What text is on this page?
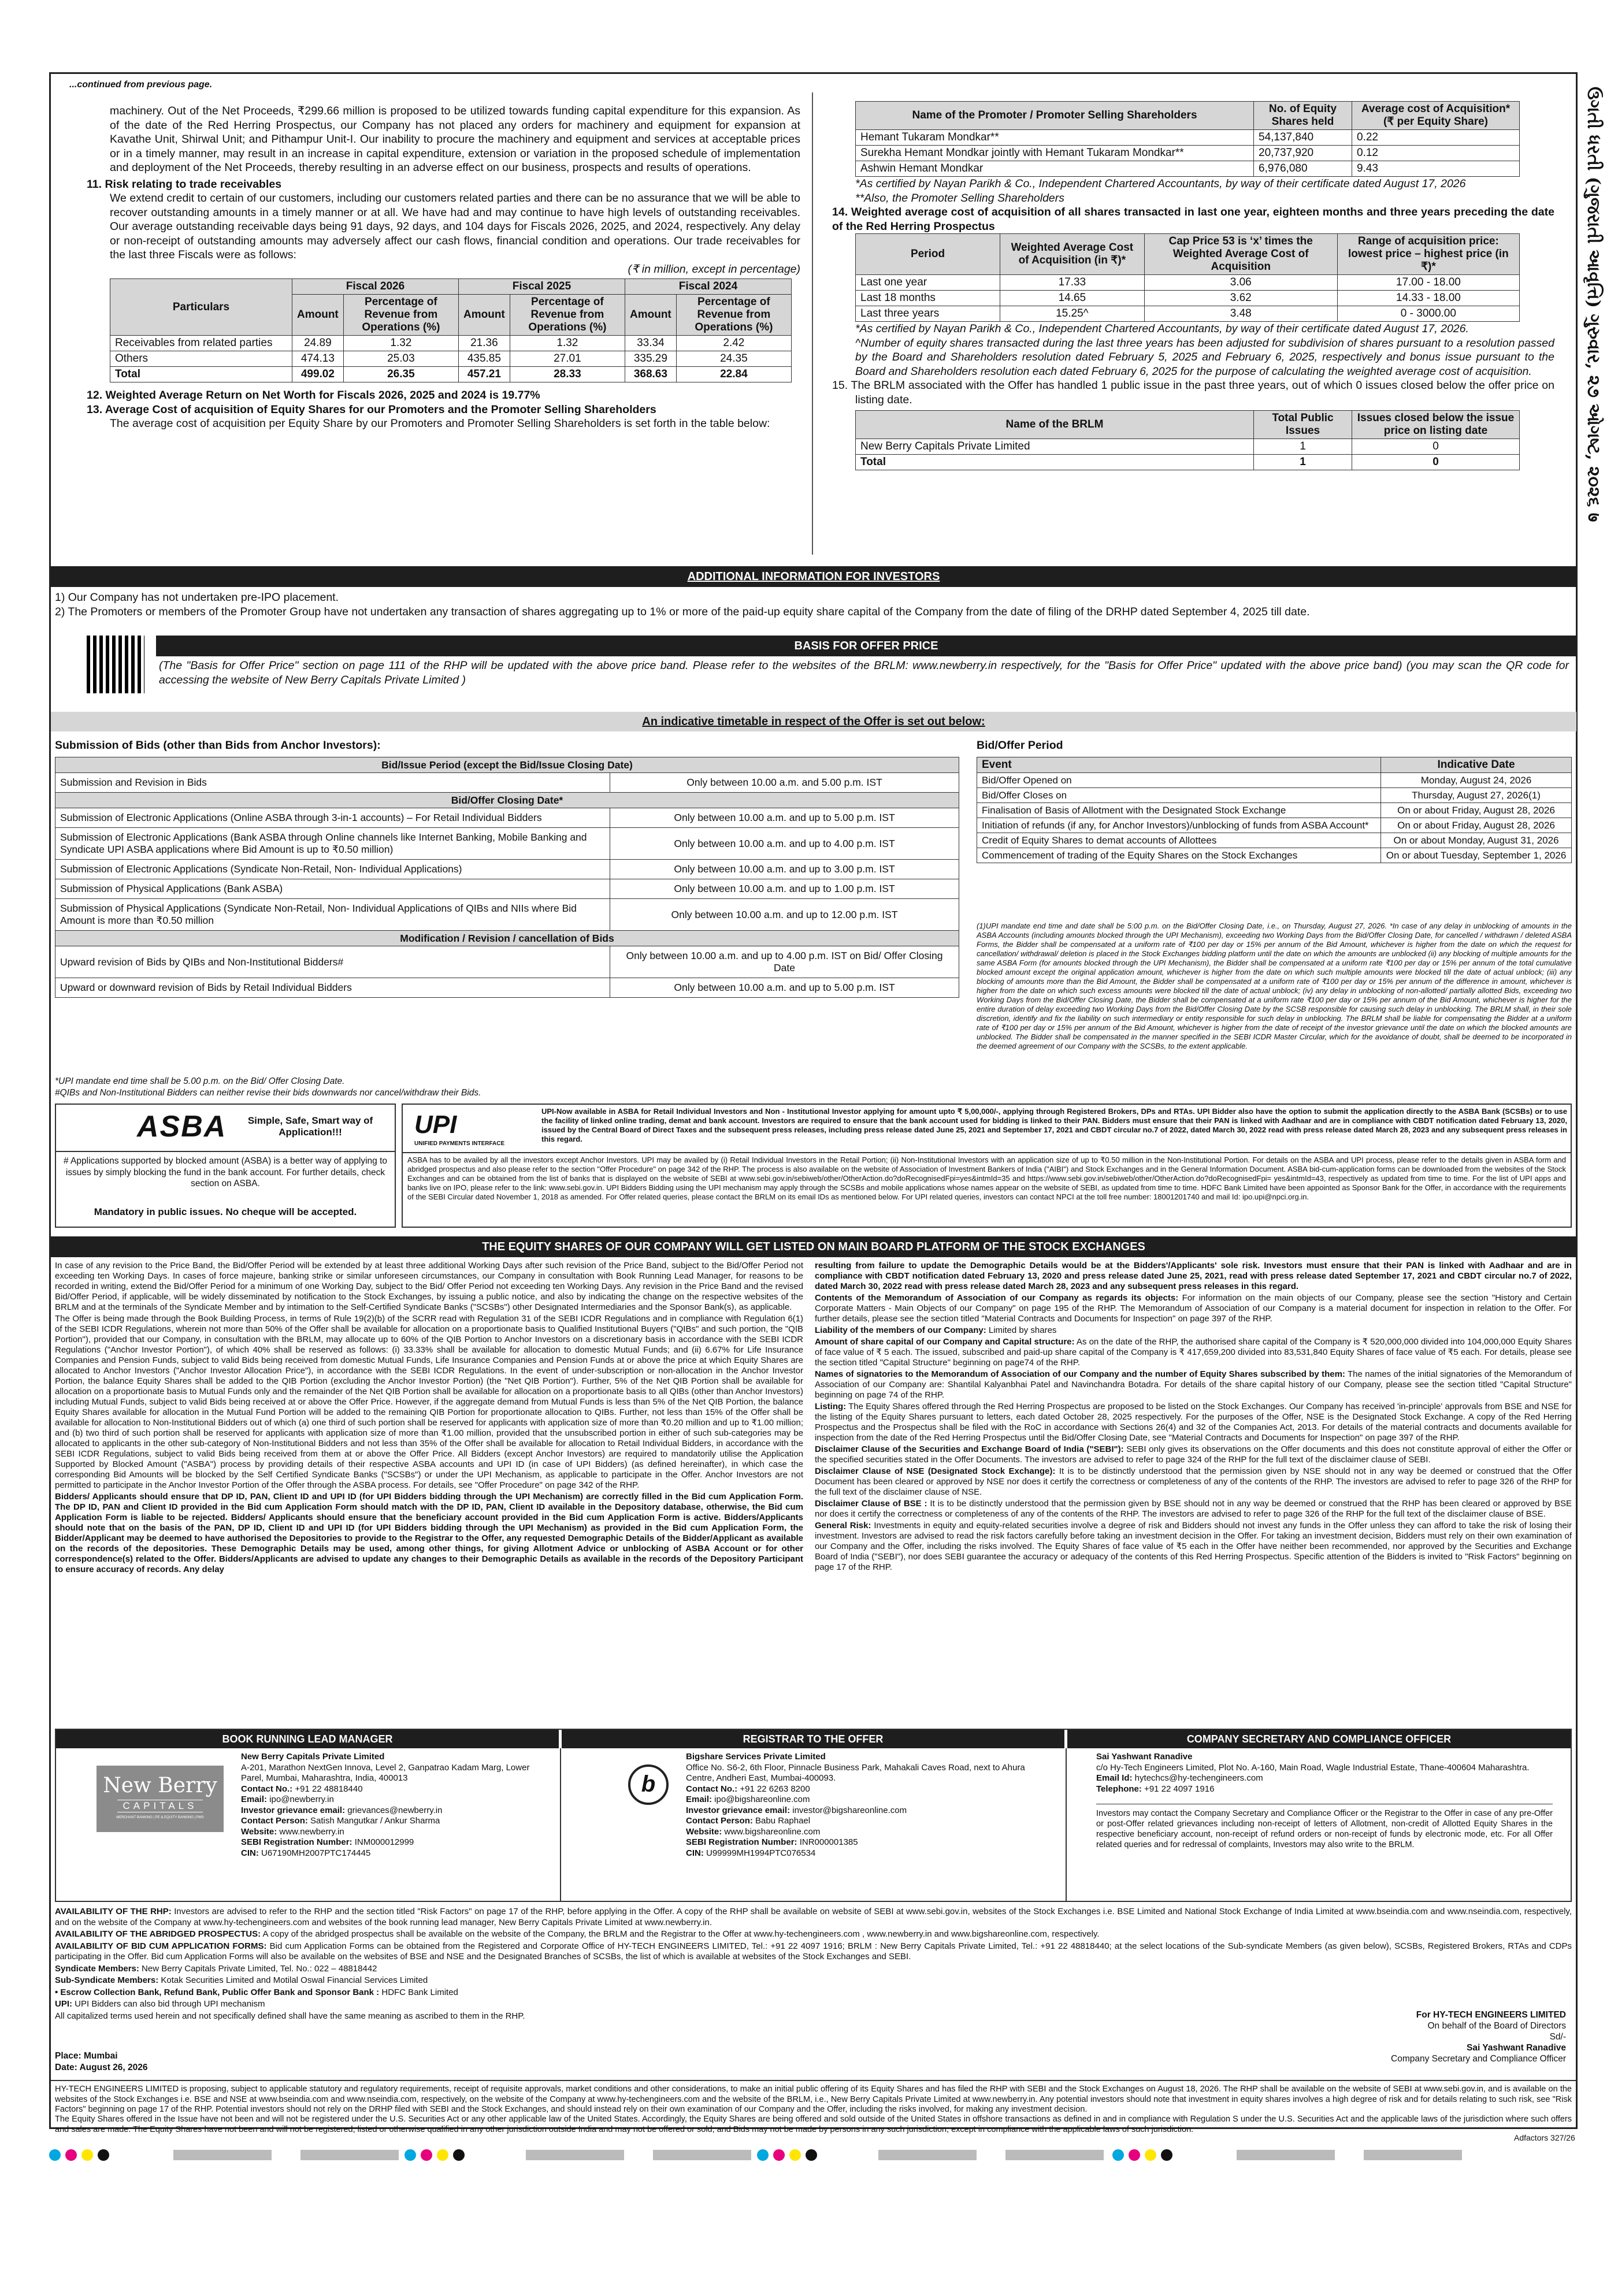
...continued from previous page.
ઉગતી ધરતી (ગુજરાતી આવૃત્તિ) ગુરુવાર, ૨૭ ઓગષ્ટ, ૨૦૨૬ ७

machinery. Out of the Net Proceeds, ₹299.66 million is proposed to be utilized towards funding capital expenditure for this expansion. As of the date of the Red Herring Prospectus, our Company has not placed any orders for machinery and equipment for expansion at Kavathe Unit, Shirwal Unit; and Pithampur Unit-I. Our inability to procure the machinery and equipment and services at acceptable prices or in a timely manner, may result in an increase in capital expenditure, extension or variation in the proposed schedule of implementation and deployment of the Net Proceeds, thereby resulting in an adverse effect on our business, prospects and results of operations.

11. Risk relating to trade receivables

We extend credit to certain of our customers, including our customers related parties and there can be no assurance that we will be able to recover outstanding amounts in a timely manner or at all. We have had and may continue to have high levels of outstanding receivables. Our average outstanding receivable days being 91 days, 92 days, and 104 days for Fiscals 2026, 2025, and 2024, respectively. Any delay or non-receipt of outstanding amounts may adversely affect our cash flows, financial condition and operations. Our trade receivables for the last three Fiscals were as follows:

(₹ in million, except in percentage)

Particulars	Fiscal 2026		Fiscal 2025		Fiscal 2024	
	Amount	Percentage of Revenue from Operations (%)	Amount	Percentage of Revenue from Operations (%)	Amount	Percentage of Revenue from Operations (%)
Receivables from related parties	24.89	1.32	21.36	1.32	33.34	2.42
Others	474.13	25.03	435.85	27.01	335.29	24.35
Total	499.02	26.35	457.21	28.33	368.63	22.84

12. Weighted Average Return on Net Worth for Fiscals 2026, 2025 and 2024 is 19.77%

13. Average Cost of acquisition of Equity Shares for our Promoters and the Promoter Selling Shareholders

The average cost of acquisition per Equity Share by our Promoters and Promoter Selling Shareholders is set forth in the table below:

Name of the Promoter / Promoter Selling Shareholders	No. of Equity Shares held	Average cost of Acquisition* (₹ per Equity Share)
Hemant Tukaram Mondkar**	54,137,840	0.22
Surekha Hemant Mondkar jointly with Hemant Tukaram Mondkar**	20,737,920	0.12
Ashwin Hemant Mondkar	6,976,080	9.43

*As certified by Nayan Parikh & Co., Independent Chartered Accountants, by way of their certificate dated August 17, 2026

**Also, the Promoter Selling Shareholders

14. Weighted average cost of acquisition of all shares transacted in last one year, eighteen months and three years preceding the date of the Red Herring Prospectus

Period	Weighted Average Cost of Acquisition (in ₹)*	Cap Price 53 is ‘x’ times the Weighted Average Cost of Acquisition	Range of acquisition price: lowest price – highest price (in ₹)*
Last one year	17.33	3.06	17.00 - 18.00
Last 18 months	14.65	3.62	14.33 - 18.00
Last three years	15.25^	3.48	0 - 3000.00

*As certified by Nayan Parikh & Co., Independent Chartered Accountants, by way of their certificate dated August 17, 2026.

^Number of equity shares transacted during the last three years has been adjusted for subdivision of shares pursuant to a resolution passed by the Board and Shareholders resolution dated February 5, 2025 and February 6, 2025, respectively and bonus issue pursuant to the Board and Shareholders resolution each dated February 6, 2025 for the purpose of calculating the weighted average cost of acquisition.

15. The BRLM associated with the Offer has handled 1 public issue in the past three years, out of which 0 issues closed below the offer price on listing date.

Name of the BRLM	Total Public Issues	Issues closed below the issue price on listing date
New Berry Capitals Private Limited	1	0
Total	1	0
ADDITIONAL INFORMATION FOR INVESTORS

1) Our Company has not undertaken pre-IPO placement.

2) The Promoters or members of the Promoter Group have not undertaken any transaction of shares aggregating up to 1% or more of the paid-up equity share capital of the Company from the date of filing of the DRHP dated September 4, 2025 till date.

BASIS FOR OFFER PRICE
(The "Basis for Offer Price" section on page 111 of the RHP will be updated with the above price band. Please refer to the websites of the BRLM: www.newberry.in respectively, for the "Basis for Offer Price" updated with the above price band) (you may scan the QR code for accessing the website of New Berry Capitals Private Limited )
An indicative timetable in respect of the Offer is set out below:
Submission of Bids (other than Bids from Anchor Investors):	Bid/Offer Period
Bid/Issue Period (except the Bid/Issue Closing Date)	
Submission and Revision in Bids	Only between 10.00 a.m. and 5.00 p.m. IST
Bid/Offer Closing Date*	
Submission of Electronic Applications (Online ASBA through 3-in-1 accounts) – For Retail Individual Bidders	Only between 10.00 a.m. and up to 5.00 p.m. IST
Submission of Electronic Applications (Bank ASBA through Online channels like Internet Banking, Mobile Banking and Syndicate UPI ASBA applications where Bid Amount is up to ₹0.50 million)	Only between 10.00 a.m. and up to 4.00 p.m. IST
Submission of Electronic Applications (Syndicate Non-Retail, Non- Individual Applications)	Only between 10.00 a.m. and up to 3.00 p.m. IST
Submission of Physical Applications (Bank ASBA)	Only between 10.00 a.m. and up to 1.00 p.m. IST
Submission of Physical Applications (Syndicate Non-Retail, Non- Individual Applications of QIBs and NIIs where Bid Amount is more than ₹0.50 million	Only between 10.00 a.m. and up to 12.00 p.m. IST
Modification / Revision / cancellation of Bids	
Upward revision of Bids by QIBs and Non-Institutional Bidders#	Only between 10.00 a.m. and up to 4.00 p.m. IST on Bid/ Offer Closing Date
Upward or downward revision of Bids by Retail Individual Bidders	Only between 10.00 a.m. and up to 5.00 p.m. IST

*UPI mandate end time shall be 5.00 p.m. on the Bid/ Offer Closing Date.

#QIBs and Non-Institutional Bidders can neither revise their bids downwards nor cancel/withdraw their Bids.

Event	Indicative Date
Bid/Offer Opened on	Monday, August 24, 2026
Bid/Offer Closes on	Thursday, August 27, 2026(1)
Finalisation of Basis of Allotment with the Designated Stock Exchange	On or about Friday, August 28, 2026
Initiation of refunds (if any, for Anchor Investors)/unblocking of funds from ASBA Account*	On or about Friday, August 28, 2026
Credit of Equity Shares to demat accounts of Allottees	On or about Monday, August 31, 2026
Commencement of trading of the Equity Shares on the Stock Exchanges	On or about Tuesday, September 1, 2026

(1)UPI mandate end time and date shall be 5:00 p.m. on the Bid/Offer Closing Date, i.e., on Thursday, August 27, 2026. *In case of any delay in unblocking of amounts in the ASBA Accounts (including amounts blocked through the UPI Mechanism), exceeding two Working Days from the Bid/Offer Closing Date, for cancelled / withdrawn / deleted ASBA Forms, the Bidder shall be compensated at a uniform rate of ₹100 per day or 15% per annum of the Bid Amount, whichever is higher from the date on which the request for cancellation/ withdrawal/ deletion is placed in the Stock Exchanges bidding platform until the date on which the amounts are unblocked (ii) any blocking of multiple amounts for the same ASBA Form (for amounts blocked through the UPI Mechanism), the Bidder shall be compensated at a uniform rate ₹100 per day or 15% per annum of the total cumulative blocked amount except the original application amount, whichever is higher from the date on which such multiple amounts were blocked till the date of actual unblock; (iii) any blocking of amounts more than the Bid Amount, the Bidder shall be compensated at a uniform rate of ₹100 per day or 15% per annum of the difference in amount, whichever is higher from the date on which such excess amounts were blocked till the date of actual unblock; (iv) any delay in unblocking of non-allotted/ partially allotted Bids, exceeding two Working Days from the Bid/Offer Closing Date, the Bidder shall be compensated at a uniform rate ₹100 per day or 15% per annum of the Bid Amount, whichever is higher for the entire duration of delay exceeding two Working Days from the Bid/Offer Closing Date by the SCSB responsible for causing such delay in unblocking. The BRLM shall, in their sole discretion, identify and fix the liability on such intermediary or entity responsible for such delay in unblocking. The BRLM shall be liable for compensating the Bidder at a uniform rate of ₹100 per day or 15% per annum of the Bid Amount, whichever is higher from the date of receipt of the investor grievance until the date on which the blocked amounts are unblocked. The Bidder shall be compensated in the manner specified in the SEBI ICDR Master Circular, which for the avoidance of doubt, shall be deemed to be incorporated in the deemed agreement of our Company with the SCSBs, to the extent applicable.

ASBA	Simple, Safe, Smart way of Application!!!
# Applications supported by blocked amount (ASBA) is a better way of applying to issues by simply blocking the fund in the bank account. For further details, check section on ASBA.
Mandatory in public issues. No cheque will be accepted.
UPI
UNIFIED PAYMENTS INTERFACE
UPI-Now available in ASBA for Retail Individual Investors and Non - Institutional Investor applying for amount upto ₹ 5,00,000/-, applying through Registered Brokers, DPs and RTAs. UPI Bidder also have the option to submit the application directly to the ASBA Bank (SCSBs) or to use the facility of linked online trading, demat and bank account. Investors are required to ensure that the bank account used for bidding is linked to their PAN. Bidders must ensure that their PAN is linked with Aadhaar and are in compliance with CBDT notification dated February 13, 2020, issued by the Central Board of Direct Taxes and the subsequent press releases, including press release dated June 25, 2021 and September 17, 2021 and CBDT circular no.7 of 2022, dated March 30, 2022 read with press release dated March 28, 2023 and any subsequent press releases in this regard.
ASBA has to be availed by all the investors except Anchor Investors. UPI may be availed by (i) Retail Individual Investors in the Retail Portion; (ii) Non-Institutional Investors with an application size of up to ₹0.50 million in the Non-Institutional Portion. For details on the ASBA and UPI process, please refer to the details given in ASBA form and abridged prospectus and also please refer to the section "Offer Procedure" on page 342 of the RHP. The process is also available on the website of Association of Investment Bankers of India ("AIBI") and Stock Exchanges and in the General Information Document. ASBA bid-cum-application forms can be downloaded from the websites of the Stock Exchanges and can be obtained from the list of banks that is displayed on the website of SEBI at www.sebi.gov.in/sebiweb/other/OtherAction.do?doRecognisedFpi=yes&intmId=35 and https://www.sebi.gov.in/sebiweb/other/OtherAction.do?doRecognisedFpi= yes&intmId=43, respectively as updated from time to time. For the list of UPI apps and banks live on IPO, please refer to the link: www.sebi.gov.in. UPI Bidders Bidding using the UPI mechanism may apply through the SCSBs and mobile applications whose names appear on the website of SEBI, as updated from time to time. HDFC Bank Limited have been appointed as Sponsor Bank for the Offer, in accordance with the requirements of the SEBI Circular dated November 1, 2018 as amended. For Offer related queries, please contact the BRLM on its email IDs as mentioned below. For UPI related queries, investors can contact NPCI at the toll free number: 18001201740 and mail Id: ipo.upi@npci.org.in.
THE EQUITY SHARES OF OUR COMPANY WILL GET LISTED ON MAIN BOARD PLATFORM OF THE STOCK EXCHANGES

In case of any revision to the Price Band, the Bid/Offer Period will be extended by at least three additional Working Days after such revision of the Price Band, subject to the Bid/Offer Period not exceeding ten Working Days. In cases of force majeure, banking strike or similar unforeseen circumstances, our Company in consultation with Book Running Lead Manager, for reasons to be recorded in writing, extend the Bid/Offer Period for a minimum of one Working Day, subject to the Bid/ Offer Period not exceeding ten Working Days. Any revision in the Price Band and the revised Bid/Offer Period, if applicable, will be widely disseminated by notification to the Stock Exchanges, by issuing a public notice, and also by indicating the change on the respective websites of the BRLM and at the terminals of the Syndicate Member and by intimation to the Self-Certified Syndicate Banks ("SCSBs") other Designated Intermediaries and the Sponsor Bank(s), as applicable.

The Offer is being made through the Book Building Process, in terms of Rule 19(2)(b) of the SCRR read with Regulation 31 of the SEBI ICDR Regulations and in compliance with Regulation 6(1) of the SEBI ICDR Regulations, wherein not more than 50% of the Offer shall be available for allocation on a proportionate basis to Qualified Institutional Buyers ("QIBs" and such portion, the "QIB Portion"), provided that our Company, in consultation with the BRLM, may allocate up to 60% of the QIB Portion to Anchor Investors on a discretionary basis in accordance with the SEBI ICDR Regulations ("Anchor Investor Portion"), of which 40% shall be reserved as follows: (i) 33.33% shall be available for allocation to domestic Mutual Funds; and (ii) 6.67% for Life Insurance Companies and Pension Funds, subject to valid Bids being received from domestic Mutual Funds, Life Insurance Companies and Pension Funds at or above the price at which Equity Shares are allocated to Anchor Investors ("Anchor Investor Allocation Price"), in accordance with the SEBI ICDR Regulations. In the event of under-subscription or non-allocation in the Anchor Investor Portion, the balance Equity Shares shall be added to the QIB Portion (excluding the Anchor Investor Portion) (the "Net QIB Portion"). Further, 5% of the Net QIB Portion shall be available for allocation on a proportionate basis to Mutual Funds only and the remainder of the Net QIB Portion shall be available for allocation on a proportionate basis to all QIBs (other than Anchor Investors) including Mutual Funds, subject to valid Bids being received at or above the Offer Price. However, if the aggregate demand from Mutual Funds is less than 5% of the Net QIB Portion, the balance Equity Shares available for allocation in the Mutual Fund Portion will be added to the remaining QIB Portion for proportionate allocation to QIBs. Further, not less than 15% of the Offer shall be available for allocation to Non-Institutional Bidders out of which (a) one third of such portion shall be reserved for applicants with application size of more than ₹0.20 million and up to ₹1.00 million; and (b) two third of such portion shall be reserved for applicants with application size of more than ₹1.00 million, provided that the unsubscribed portion in either of such sub-categories may be allocated to applicants in the other sub-category of Non-Institutional Bidders and not less than 35% of the Offer shall be available for allocation to Retail Individual Bidders, in accordance with the SEBI ICDR Regulations, subject to valid Bids being received from them at or above the Offer Price. All Bidders (except Anchor Investors) are required to mandatorily utilise the Application Supported by Blocked Amount ("ASBA") process by providing details of their respective ASBA accounts and UPI ID (in case of UPI Bidders) (as defined hereinafter), in which case the corresponding Bid Amounts will be blocked by the Self Certified Syndicate Banks ("SCSBs") or under the UPI Mechanism, as applicable to participate in the Offer. Anchor Investors are not permitted to participate in the Anchor Investor Portion of the Offer through the ASBA process. For details, see "Offer Procedure" on page 342 of the RHP.

Bidders/ Applicants should ensure that DP ID, PAN, Client ID and UPI ID (for UPI Bidders bidding through the UPI Mechanism) are correctly filled in the Bid cum Application Form. The DP ID, PAN and Client ID provided in the Bid cum Application Form should match with the DP ID, PAN, Client ID available in the Depository database, otherwise, the Bid cum Application Form is liable to be rejected. Bidders/ Applicants should ensure that the beneficiary account provided in the Bid cum Application Form is active. Bidders/Applicants should note that on the basis of the PAN, DP ID, Client ID and UPI ID (for UPI Bidders bidding through the UPI Mechanism) as provided in the Bid cum Application Form, the Bidder/Applicant may be deemed to have authorised the Depositories to provide to the Registrar to the Offer, any requested Demographic Details of the Bidder/Applicant as available on the records of the depositories. These Demographic Details may be used, among other things, for giving Allotment Advice or unblocking of ASBA Account or for other correspondence(s) related to the Offer. Bidders/Applicants are advised to update any changes to their Demographic Details as available in the records of the Depository Participant to ensure accuracy of records. Any delay

resulting from failure to update the Demographic Details would be at the Bidders'/Applicants' sole risk. Investors must ensure that their PAN is linked with Aadhaar and are in compliance with CBDT notification dated February 13, 2020 and press release dated June 25, 2021, read with press release dated September 17, 2021 and CBDT circular no.7 of 2022, dated March 30, 2022 read with press release dated March 28, 2023 and any subsequent press releases in this regard.

Contents of the Memorandum of Association of our Company as regards its objects: For information on the main objects of our Company, please see the section "History and Certain Corporate Matters - Main Objects of our Company" on page 195 of the RHP. The Memorandum of Association of our Company is a material document for inspection in relation to the Offer. For further details, please see the section titled "Material Contracts and Documents for Inspection" on page 397 of the RHP.

Liability of the members of our Company: Limited by shares

Amount of share capital of our Company and Capital structure: As on the date of the RHP, the authorised share capital of the Company is ₹ 520,000,000 divided into 104,000,000 Equity Shares of face value of ₹ 5 each. The issued, subscribed and paid-up share capital of the Company is ₹ 417,659,200 divided into 83,531,840 Equity Shares of face value of ₹5 each. For details, please see the section titled "Capital Structure" beginning on page74 of the RHP.

Names of signatories to the Memorandum of Association of our Company and the number of Equity Shares subscribed by them: The names of the initial signatories of the Memorandum of Association of our Company are: Shantilal Kalyanbhai Patel and Navinchandra Botadra. For details of the share capital history of our Company, please see the section titled "Capital Structure" beginning on page 74 of the RHP.

Listing: The Equity Shares offered through the Red Herring Prospectus are proposed to be listed on the Stock Exchanges. Our Company has received 'in-principle' approvals from BSE and NSE for the listing of the Equity Shares pursuant to letters, each dated October 28, 2025 respectively. For the purposes of the Offer, NSE is the Designated Stock Exchange. A copy of the Red Herring Prospectus and the Prospectus shall be filed with the RoC in accordance with Sections 26(4) and 32 of the Companies Act, 2013. For details of the material contracts and documents available for inspection from the date of the Red Herring Prospectus until the Bid/Offer Closing Date, see "Material Contracts and Documents for Inspection" on page 397 of the RHP.

Disclaimer Clause of the Securities and Exchange Board of India ("SEBI"): SEBI only gives its observations on the Offer documents and this does not constitute approval of either the Offer or the specified securities stated in the Offer Documents. The investors are advised to refer to page 324 of the RHP for the full text of the disclaimer clause of SEBI.

Disclaimer Clause of NSE (Designated Stock Exchange): It is to be distinctly understood that the permission given by NSE should not in any way be deemed or construed that the Offer Document has been cleared or approved by NSE nor does it certify the correctness or completeness of any of the contents of the RHP. The investors are advised to refer to page 326 of the RHP for the full text of the disclaimer clause of NSE.

Disclaimer Clause of BSE : It is to be distinctly understood that the permission given by BSE should not in any way be deemed or construed that the RHP has been cleared or approved by BSE nor does it certify the correctness or completeness of any of the contents of the RHP. The investors are advised to refer to page 326 of the RHP for the full text of the disclaimer clause of BSE.

General Risk: Investments in equity and equity-related securities involve a degree of risk and Bidders should not invest any funds in the Offer unless they can afford to take the risk of losing their investment. Investors are advised to read the risk factors carefully before taking an investment decision in the Offer. For taking an investment decision, Bidders must rely on their own examination of our Company and the Offer, including the risks involved. The Equity Shares of face value of ₹5 each in the Offer have neither been recommended, nor approved by the Securities and Exchange Board of India ("SEBI"), nor does SEBI guarantee the accuracy or adequacy of the contents of this Red Herring Prospectus. Specific attention of the Bidders is invited to "Risk Factors" beginning on page 17 of the RHP.

BOOK RUNNING LEAD MANAGER	REGISTRAR TO THE OFFER	COMPANY SECRETARY AND COMPLIANCE OFFICER
New Berry
CAPITALS
MERCHANT BANKING | PE & EQUITY BANKING | PMS
New Berry Capitals Private Limited
A-201, Marathon NextGen Innova, Level 2, Ganpatrao Kadam Marg, Lower Parel, Mumbai, Maharashtra, India, 400013
Contact No.: +91 22 48818440
Email: ipo@newberry.in
Investor grievance email: grievances@newberry.in
Contact Person: Satish Mangutkar / Ankur Sharma
Website: www.newberry.in
SEBI Registration Number: INM000012999
CIN: U67190MH2007PTC174445
b
Bigshare Services Private Limited
Office No. S6-2, 6th Floor, Pinnacle Business Park, Mahakali Caves Road, next to Ahura Centre, Andheri East, Mumbai-400093.
Contact No.: +91 22 6263 8200
Email: ipo@bigshareonline.com
Investor grievance email: investor@bigshareonline.com
Contact Person: Babu Raphael
Website: www.bigshareonline.com
SEBI Registration Number: INR000001385
CIN: U99999MH1994PTC076534
Sai Yashwant Ranadive
c/o Hy-Tech Engineers Limited, Plot No. A-160, Main Road, Wagle Industrial Estate, Thane-400604 Maharashtra.
Email Id: hytechcs@hy-techengineers.com
Telephone: +91 22 4097 1916
Investors may contact the Company Secretary and Compliance Officer or the Registrar to the Offer in case of any pre-Offer or post-Offer related grievances including non-receipt of letters of Allotment, non-credit of Allotted Equity Shares in the respective beneficiary account, non-receipt of refund orders or non-receipt of funds by electronic mode, etc. For all Offer related queries and for redressal of complaints, Investors may also write to the BRLM.

AVAILABILITY OF THE RHP: Investors are advised to refer to the RHP and the section titled "Risk Factors" on page 17 of the RHP, before applying in the Offer. A copy of the RHP shall be available on website of SEBI at www.sebi.gov.in, websites of the Stock Exchanges i.e. BSE Limited and National Stock Exchange of India Limited at www.bseindia.com and www.nseindia.com, respectively, and on the website of the Company at www.hy-techengineers.com and websites of the book running lead manager, New Berry Capitals Private Limited at www.newberry.in.

AVAILABILITY OF THE ABRIDGED PROSPECTUS: A copy of the abridged prospectus shall be available on the website of the Company, the BRLM and the Registrar to the Offer at www.hy-techengineers.com , www.newberry.in and www.bigshareonline.com, respectively.

AVAILABILITY OF BID CUM APPLICATION FORMS: Bid cum Application Forms can be obtained from the Registered and Corporate Office of HY-TECH ENGINEERS LIMITED, Tel.: +91 22 4097 1916; BRLM : New Berry Capitals Private Limited, Tel.: +91 22 48818440; at the select locations of the Sub-syndicate Members (as given below), SCSBs, Registered Brokers, RTAs and CDPs participating in the Offer. Bid cum Application Forms will also be available on the websites of BSE and NSE and the Designated Branches of SCSBs, the list of which is available at websites of the Stock Exchanges and SEBI.

Syndicate Members: New Berry Capitals Private Limited, Tel. No.: 022 – 48818442

Sub-Syndicate Members: Kotak Securities Limited and Motilal Oswal Financial Services Limited

• Escrow Collection Bank, Refund Bank, Public Offer Bank and Sponsor Bank : HDFC Bank Limited

UPI: UPI Bidders can also bid through UPI mechanism

All capitalized terms used herein and not specifically defined shall have the same meaning as ascribed to them in the RHP.	For HY-TECH ENGINEERS LIMITED
On behalf of the Board of Directors
Sd/-
Sai Yashwant Ranadive
Company Secretary and Compliance Officer
Place: Mumbai
Date: August 26, 2026
HY-TECH ENGINEERS LIMITED is proposing, subject to applicable statutory and regulatory requirements, receipt of requisite approvals, market conditions and other considerations, to make an initial public offering of its Equity Shares and has filed the RHP with SEBI and the Stock Exchanges on August 18, 2026. The RHP shall be available on the website of SEBI at www.sebi.gov.in, and is available on the websites of the Stock Exchanges i.e. BSE and NSE at www.bseindia.com and www.nseindia.com, respectively, on the website of the Company at www.hy-techengineers.com and the website of the BRLM, i.e., New Berry Capitals Private Limited at www.newberry.in. Any potential investors should note that investment in equity shares involves a high degree of risk and for details relating to such risk, see "Risk Factors" beginning on page 17 of the RHP. Potential investors should not rely on the DRHP filed with SEBI and the Stock Exchanges, and should instead rely on their own examination of our Company and the Offer, including the risks involved, for making any investment decision.
The Equity Shares offered in the Issue have not been and will not be registered under the U.S. Securities Act or any other applicable law of the United States. Accordingly, the Equity Shares are being offered and sold outside of the United States in offshore transactions as defined in and in compliance with Regulation S under the U.S. Securities Act and the applicable laws of the jurisdiction where such offers and sales are made. The Equity Shares have not been and will not be registered, listed or otherwise qualified in any other jurisdiction outside India and may not be offered or sold, and Bids may not be made by persons in any such jurisdiction, except in compliance with the applicable laws of such jurisdiction.
Adfactors 327/26
